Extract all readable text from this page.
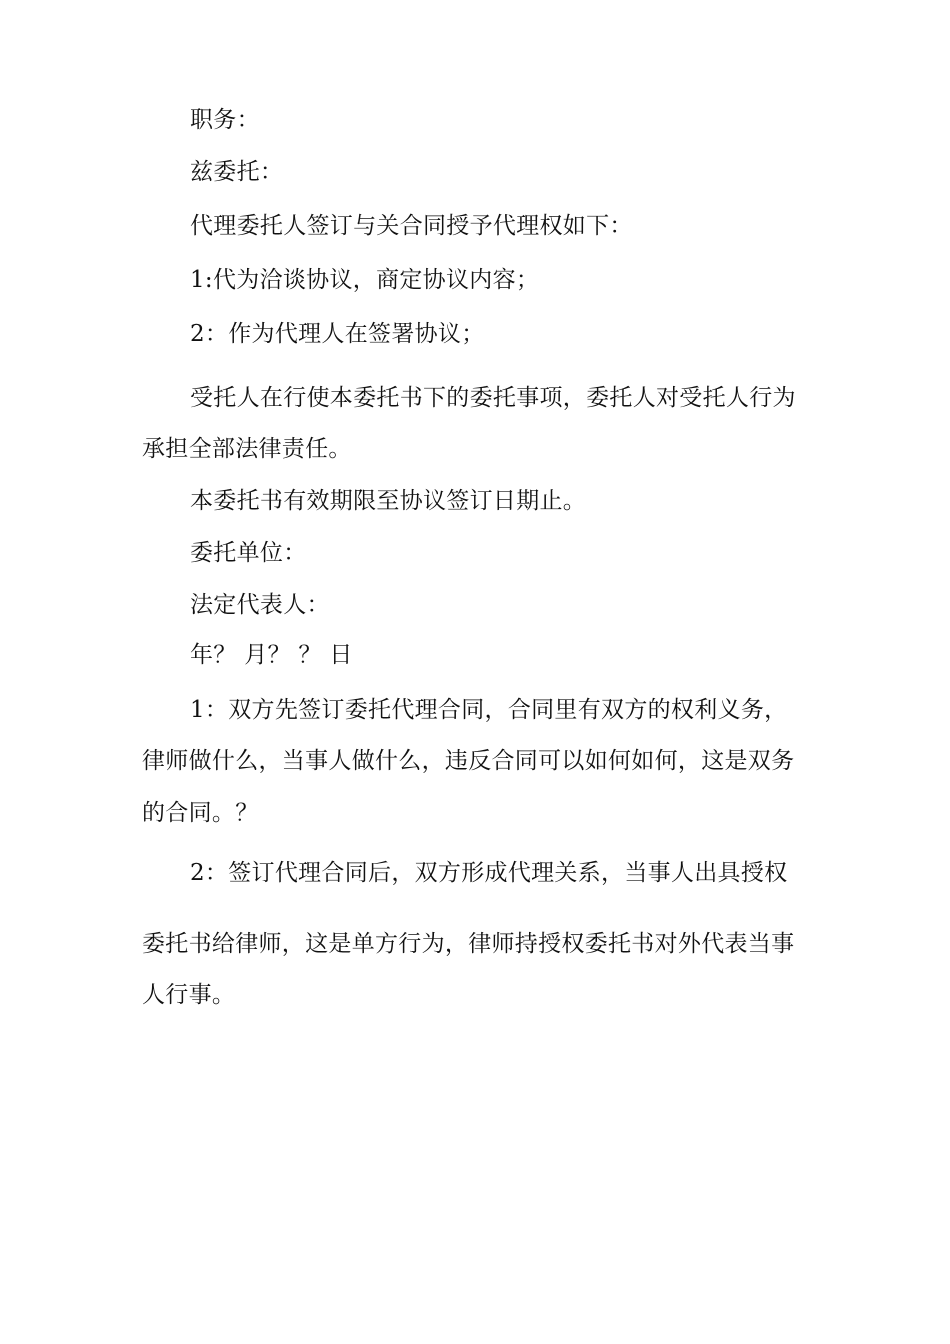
职务：
兹委托：
代理委托人签订与关合同授予代理权如下：
1:代为洽谈协议，商定协议内容；
2：作为代理人在签署协议；
受托人在行使本委托书下的委托事项，委托人对受托人行为
承担全部法律责任。
本委托书有效期限至协议签订日期止。
委托单位：
法定代表人：
年？ 月？ ？ 日
1：双方先签订委托代理合同，合同里有双方的权利义务，
律师做什么，当事人做什么，违反合同可以如何如何，这是双务
的合同。？
2：签订代理合同后，双方形成代理关系，当事人出具授权
委托书给律师，这是单方行为，律师持授权委托书对外代表当事
人行事。
